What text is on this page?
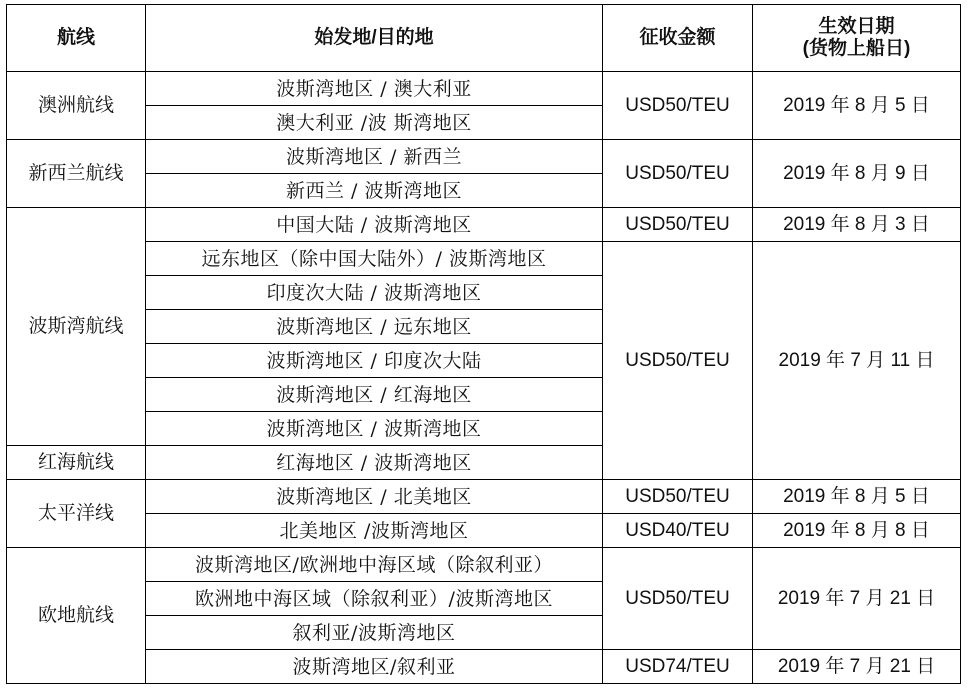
航线	始发地/目的地	征收金额	生效日期
(货物上船日)

澳洲航线	波斯湾地区 / 澳大利亚	USD50/TEU	2019 年 8 月 5 日
	澳大利亚 /波 斯湾地区		
新西兰航线	波斯湾地区 / 新西兰	USD50/TEU	2019 年 8 月 9 日
	新西兰 / 波斯湾地区		
波斯湾航线	中国大陆 / 波斯湾地区	USD50/TEU	2019 年 8 月 3 日
	远东地区（除中国大陆外）/ 波斯湾地区	USD50/TEU	2019 年 7 月 11 日
	印度次大陆 / 波斯湾地区		
	波斯湾地区 / 远东地区		
	波斯湾地区 / 印度次大陆		
	波斯湾地区 / 红海地区		
	波斯湾地区 / 波斯湾地区		
红海航线	红海地区 / 波斯湾地区		
太平洋线	波斯湾地区 / 北美地区	USD50/TEU	2019 年 8 月 5 日
	北美地区 /波斯湾地区	USD40/TEU	2019 年 8 月 8 日
欧地航线	波斯湾地区/欧洲地中海区域（除叙利亚）	USD50/TEU	2019 年 7 月 21 日
	欧洲地中海区域（除叙利亚）/波斯湾地区		
	叙利亚/波斯湾地区		
	波斯湾地区/叙利亚	USD74/TEU	2019 年 7 月 21 日
